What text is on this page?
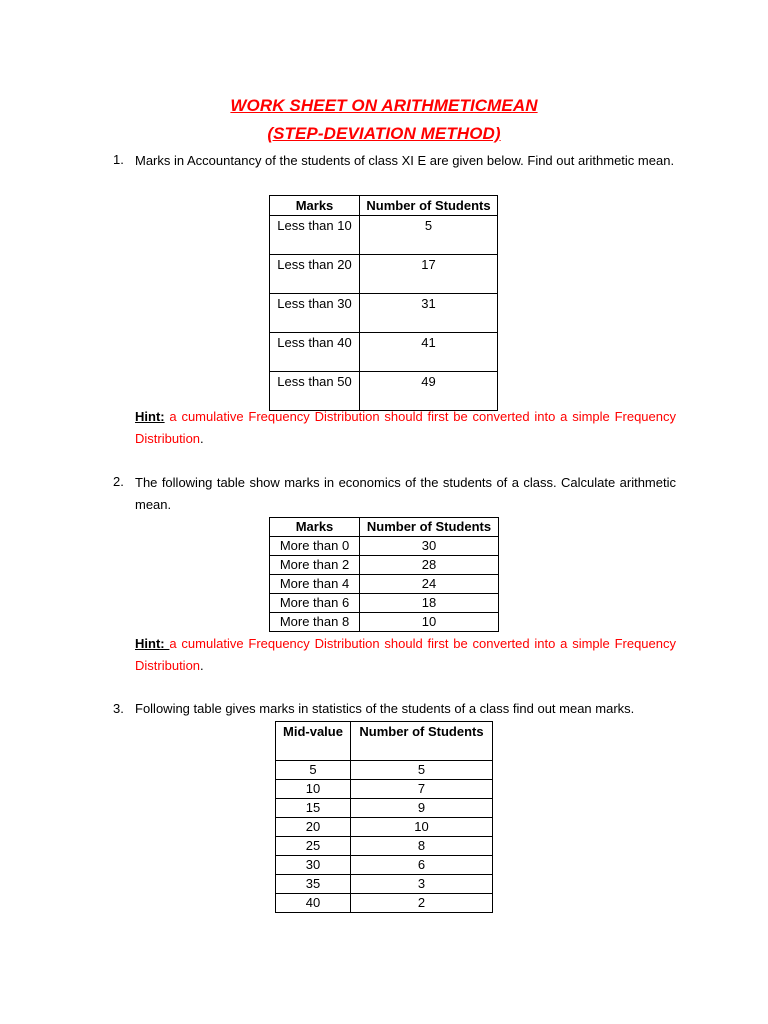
WORK SHEET ON ARITHMETICMEAN
(STEP-DEVIATION METHOD)
1. Marks in Accountancy of the students of class XI E are given below. Find out arithmetic mean.
Marks	Number of Students
Less than 10	5
Less than 20	17
Less than 30	31
Less than 40	41
Less than 50	49
Hint: a cumulative Frequency Distribution should first be converted into a simple Frequency Distribution.
2. The following table show marks in economics of the students of a class. Calculate arithmetic mean.
Marks	Number of Students
More than 0	30
More than 2	28
More than 4	24
More than 6	18
More than 8	10
Hint: a cumulative Frequency Distribution should first be converted into a simple Frequency Distribution.
3. Following table gives marks in statistics of the students of a class find out mean marks.
Mid-value	Number of Students
5	5
10	7
15	9
20	10
25	8
30	6
35	3
40	2
